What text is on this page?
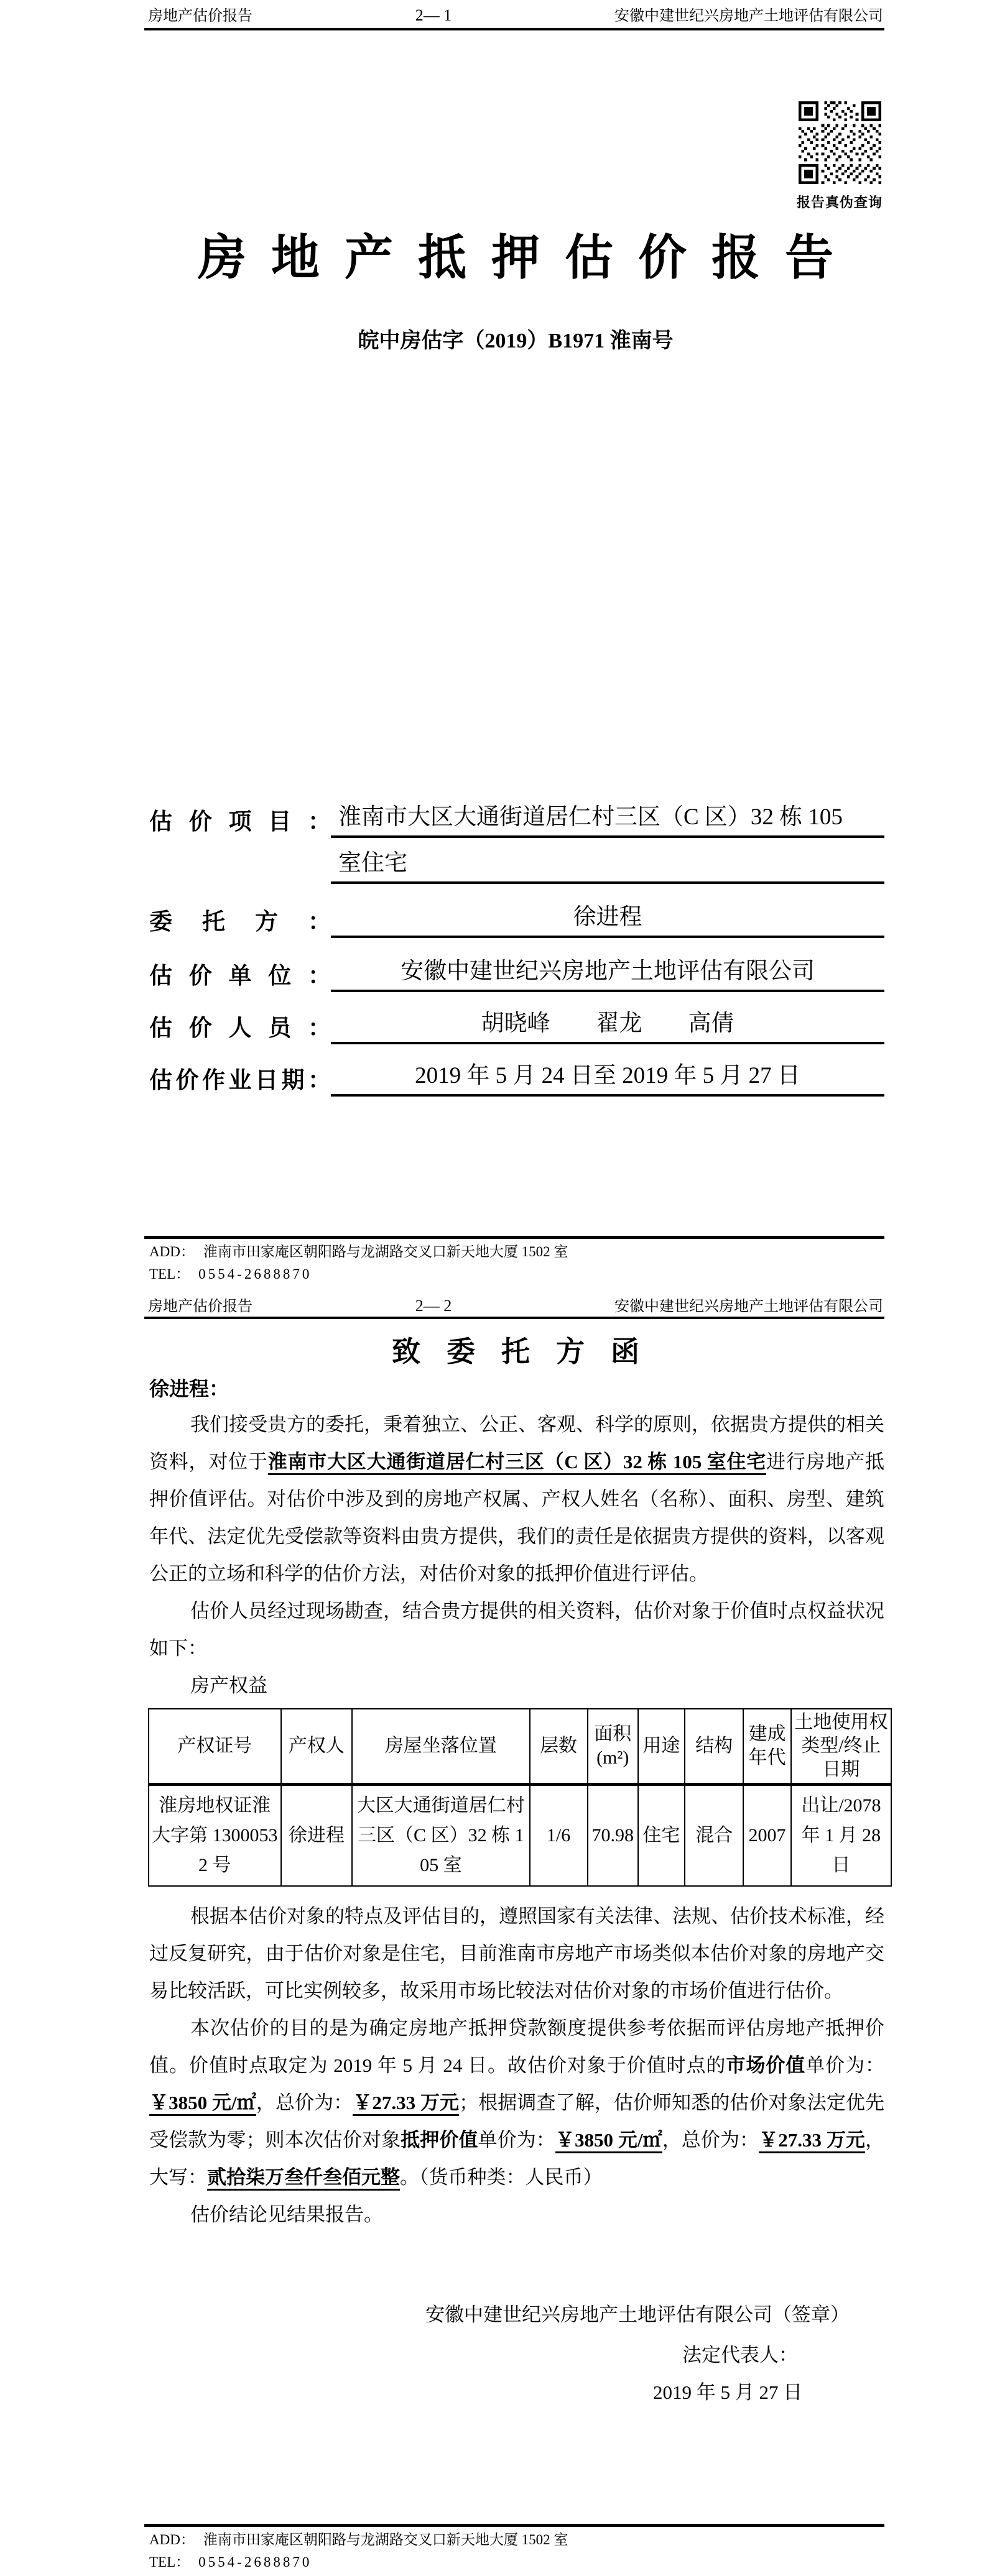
房地产估价报告	2— 1	安徽中建世纪兴房地产土地评估有限公司
报告真伪查询
房地产抵押估价报告
皖中房估字（2019）B1971 淮南号
估价项目： 淮南市大区大通街道居仁村三区（C 区）32 栋 105
室住宅
委托方：	徐进程
估价单位：	安徽中建世纪兴房地产土地评估有限公司
估价人员：	胡晓峰　　翟龙　　高倩
估价作业日期：	2019 年 5 月 24 日至 2019 年 5 月 27 日
ADD： 淮南市田家庵区朝阳路与龙湖路交叉口新天地大厦 1502 室
TEL： 0554-2688870
房地产估价报告	2— 2	安徽中建世纪兴房地产土地评估有限公司
致委托方函
徐进程：

我们接受贵方的委托，秉着独立、公正、客观、科学的原则，依据贵方提供的相关资料，对位于淮南市大区大通街道居仁村三区（C 区）32 栋 105 室住宅进行房地产抵押价值评估。对估价中涉及到的房地产权属、产权人姓名（名称）、面积、房型、建筑年代、法定优先受偿款等资料由贵方提供，我们的责任是依据贵方提供的资料，以客观公正的立场和科学的估价方法，对估价对象的抵押价值进行评估。

估价人员经过现场勘查，结合贵方提供的相关资料，估价对象于价值时点权益状况如下：

房产权益
产权证号	产权人	房屋坐落位置	层数	面积(m²)	用途	结构	建成年代	土地使用权类型/终止日期
淮房地权证淮大字第 13000532 号	徐进程	大区大通街道居仁村三区（C 区）32 栋 105 室	1/6	70.98	住宅	混合	2007	出让/2078 年 1 月 28 日

根据本估价对象的特点及评估目的，遵照国家有关法律、法规、估价技术标准，经过反复研究，由于估价对象是住宅，目前淮南市房地产市场类似本估价对象的房地产交易比较活跃，可比实例较多，故采用市场比较法对估价对象的市场价值进行估价。

本次估价的目的是为确定房地产抵押贷款额度提供参考依据而评估房地产抵押价值。价值时点取定为 2019 年 5 月 24 日。故估价对象于价值时点的市场价值单价为：￥3850 元/㎡，总价为：￥27.33 万元；根据调查了解，估价师知悉的估价对象法定优先受偿款为零；则本次估价对象抵押价值单价为：￥3850 元/㎡，总价为：￥27.33 万元，大写：贰拾柒万叁仟叁佰元整。（货币种类：人民币）

估价结论见结果报告。

安徽中建世纪兴房地产土地评估有限公司（签章）
法定代表人：
2019 年 5 月 27 日
ADD： 淮南市田家庵区朝阳路与龙湖路交叉口新天地大厦 1502 室
TEL： 0554-2688870
